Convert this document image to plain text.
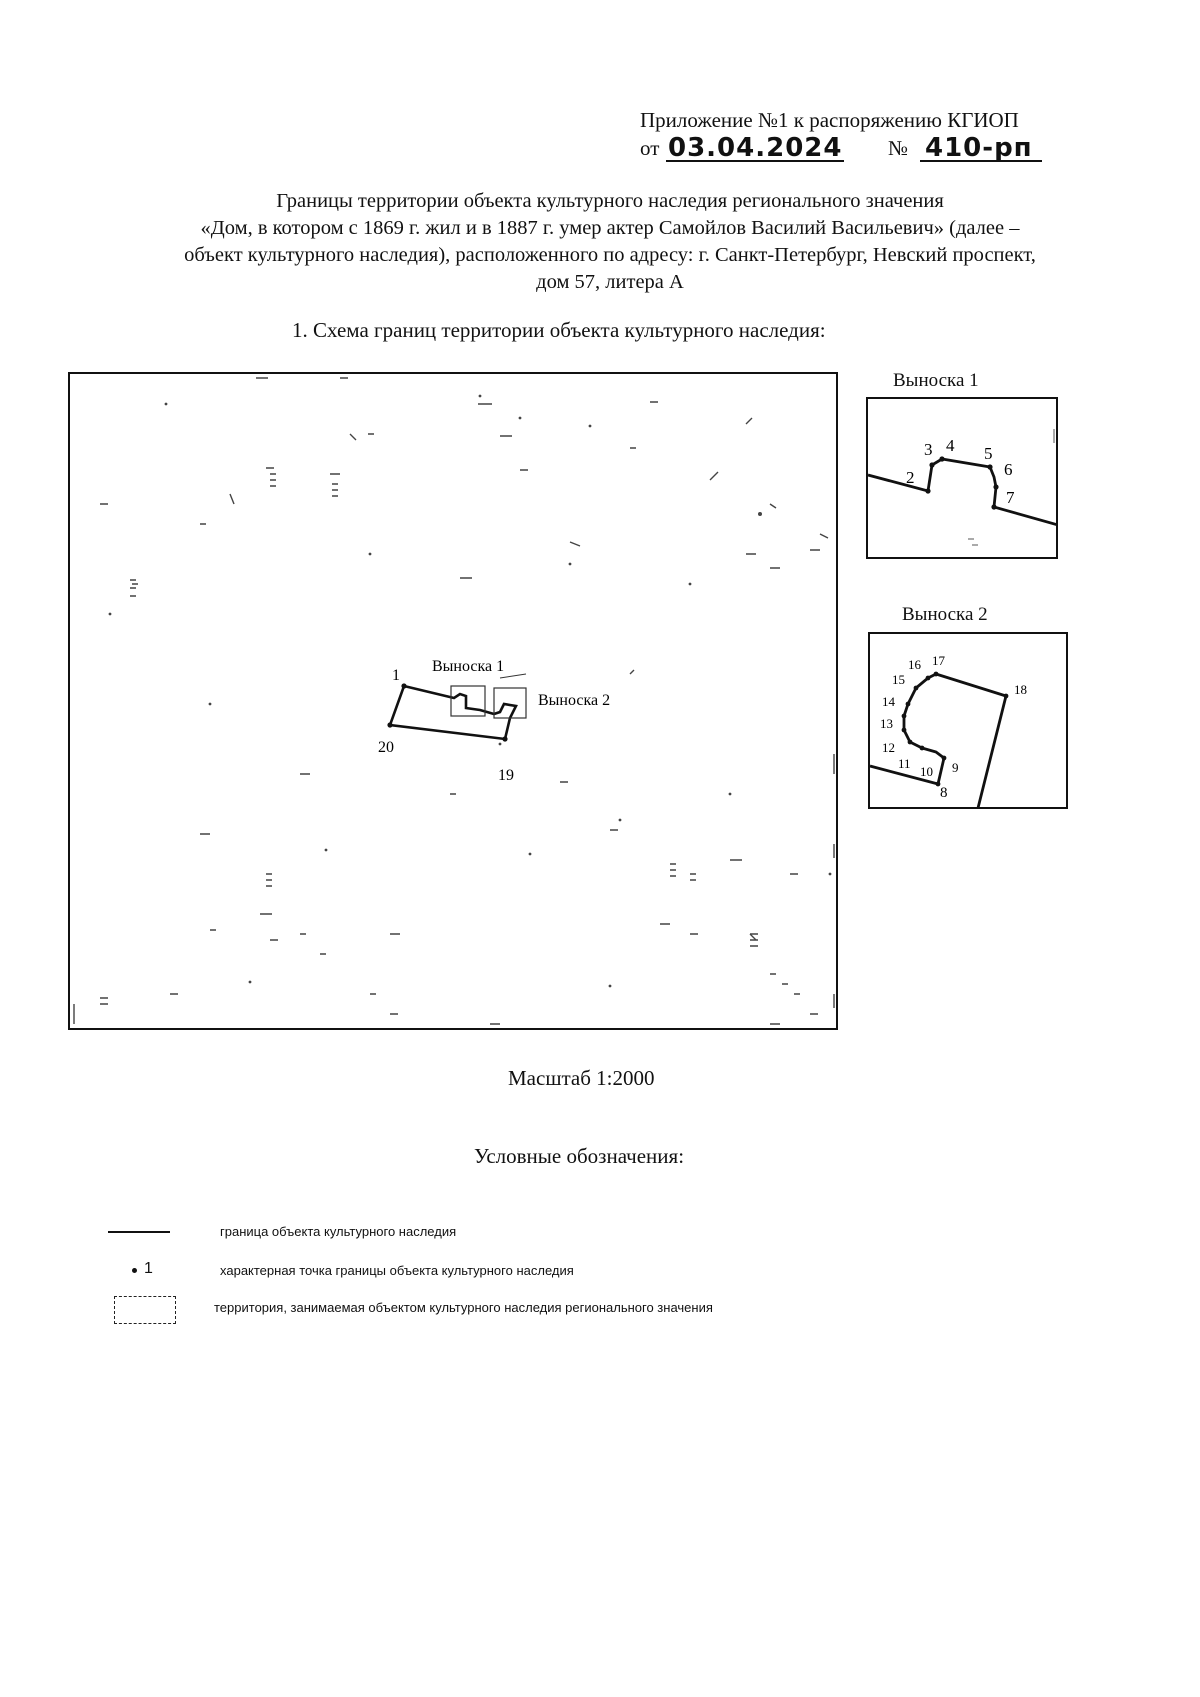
Приложение №1 к распоряжению КГИОП
от 03.04.2024 № 410-рп
Границы территории объекта культурного наследия регионального значения
«Дом, в котором с 1869 г. жил и в 1887 г. умер актер Самойлов Василий Васильевич» (далее –
объект культурного наследия), расположенного по адресу: г. Санкт-Петербург, Невский проспект,
дом 57, литера А
1. Схема границ территории объекта культурного наследия:
1
19
20
Выноска 1
Выноска 2
Выноска 1
2
3 4 5
6
7
Выноска 2
8
9
10
11
12
13
14
15
16 17
18
Масштаб 1:2000
Условные обозначения:
граница объекта культурного наследия
1	характерная точка границы объекта культурного наследия
территория, занимаемая объектом культурного наследия регионального значения
